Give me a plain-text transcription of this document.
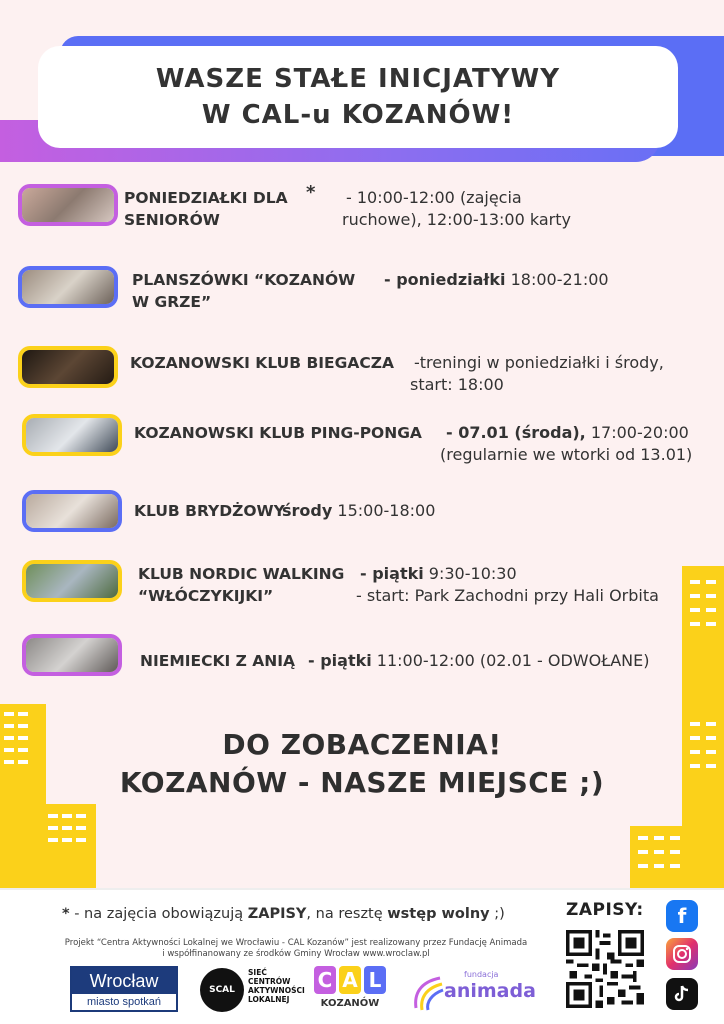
WASZE STAŁE INICJATYWY
W CAL-u KOZANÓW!
PONIEDZIAŁKI DLA
SENIORÓW
* - 10:00-12:00 (zajęcia
ruchowe), 12:00-13:00 karty
PLANSZÓWKI “KOZANÓW
W GRZE”
- poniedziałki 18:00-21:00
KOZANOWSKI KLUB BIEGACZA -treningi w poniedziałki i środy,
start: 18:00
KOZANOWSKI KLUB PING-PONGA - 07.01 (środa), 17:00-20:00
(regularnie we wtorki od 13.01)
KLUB BRYDŻOWY
środy 15:00-18:00
KLUB NORDIC WALKING
“WŁÓCZYKIJKI”
- piątki 9:30-10:30
- start: Park Zachodni przy Hali Orbita
NIEMIECKI Z ANIĄ - piątki 11:00-12:00 (02.01 - ODWOŁANE)
DO ZOBACZENIA!
KOZANÓW - NASZE MIEJSCE ;)
* - na zajęcia obowiązują ZAPISY, na resztę wstęp wolny ;)
Projekt “Centra Aktywności Lokalnej we Wrocławiu - CAL Kozanów” jest realizowany przez Fundację Animada
i współfinanowany ze środków Gminy Wrocław www.wroclaw.pl
Wrocław
miasto spotkań
SCAL
SIEĆ
CENTRÓW
AKTYWNOŚCI
LOKALNEJ
C A L
KOZANÓW
fundacja
animada
ZAPISY:	f
